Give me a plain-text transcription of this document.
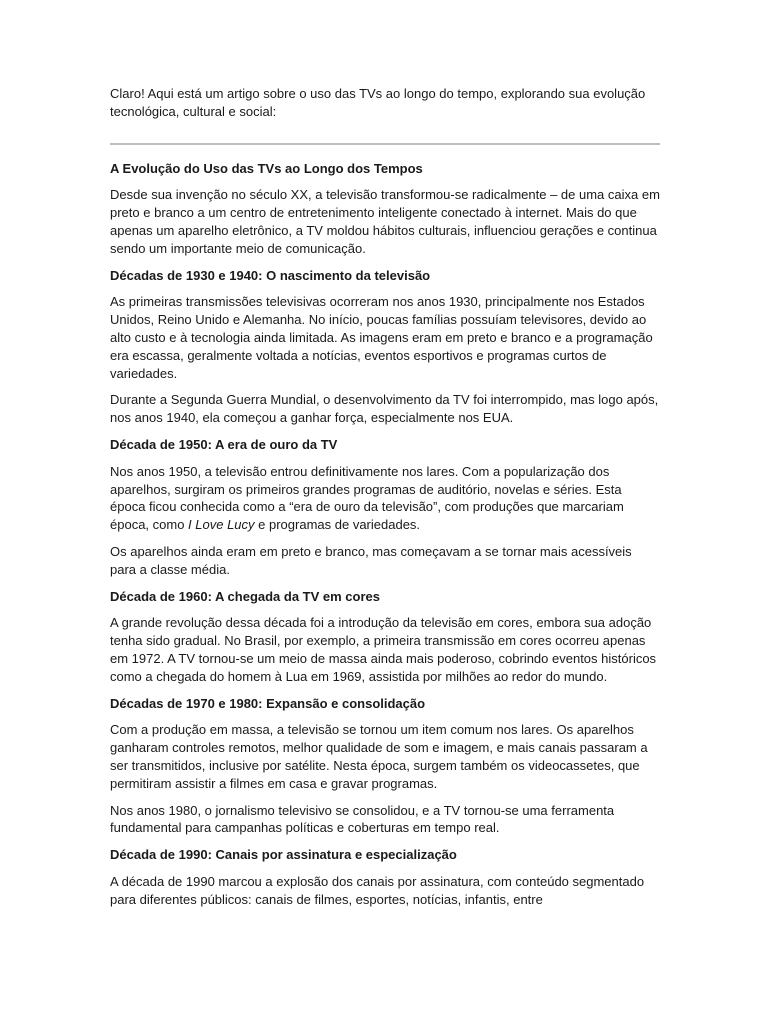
Claro! Aqui está um artigo sobre o uso das TVs ao longo do tempo, explorando sua evolução tecnológica, cultural e social:

A Evolução do Uso das TVs ao Longo dos Tempos

Desde sua invenção no século XX, a televisão transformou-se radicalmente – de uma caixa em preto e branco a um centro de entretenimento inteligente conectado à internet. Mais do que apenas um aparelho eletrônico, a TV moldou hábitos culturais, influenciou gerações e continua sendo um importante meio de comunicação.

Décadas de 1930 e 1940: O nascimento da televisão

As primeiras transmissões televisivas ocorreram nos anos 1930, principalmente nos Estados Unidos, Reino Unido e Alemanha. No início, poucas famílias possuíam televisores, devido ao alto custo e à tecnologia ainda limitada. As imagens eram em preto e branco e a programação era escassa, geralmente voltada a notícias, eventos esportivos e programas curtos de variedades.

Durante a Segunda Guerra Mundial, o desenvolvimento da TV foi interrompido, mas logo após, nos anos 1940, ela começou a ganhar força, especialmente nos EUA.

Década de 1950: A era de ouro da TV

Nos anos 1950, a televisão entrou definitivamente nos lares. Com a popularização dos aparelhos, surgiram os primeiros grandes programas de auditório, novelas e séries. Esta época ficou conhecida como a “era de ouro da televisão”, com produções que marcariam época, como I Love Lucy e programas de variedades.

Os aparelhos ainda eram em preto e branco, mas começavam a se tornar mais acessíveis para a classe média.

Década de 1960: A chegada da TV em cores

A grande revolução dessa década foi a introdução da televisão em cores, embora sua adoção tenha sido gradual. No Brasil, por exemplo, a primeira transmissão em cores ocorreu apenas em 1972. A TV tornou-se um meio de massa ainda mais poderoso, cobrindo eventos históricos como a chegada do homem à Lua em 1969, assistida por milhões ao redor do mundo.

Décadas de 1970 e 1980: Expansão e consolidação

Com a produção em massa, a televisão se tornou um item comum nos lares. Os aparelhos ganharam controles remotos, melhor qualidade de som e imagem, e mais canais passaram a ser transmitidos, inclusive por satélite. Nesta época, surgem também os videocassetes, que permitiram assistir a filmes em casa e gravar programas.

Nos anos 1980, o jornalismo televisivo se consolidou, e a TV tornou-se uma ferramenta fundamental para campanhas políticas e coberturas em tempo real.

Década de 1990: Canais por assinatura e especialização

A década de 1990 marcou a explosão dos canais por assinatura, com conteúdo segmentado para diferentes públicos: canais de filmes, esportes, notícias, infantis, entre
